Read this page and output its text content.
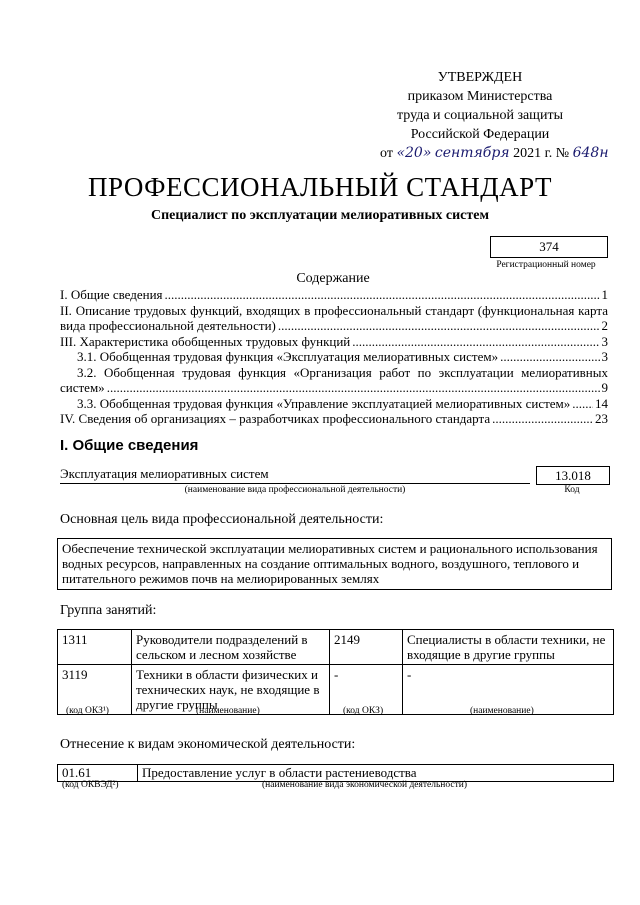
УТВЕРЖДЕН
приказом Министерства
труда и социальной защиты
Российской Федерации
от «20» сентября 2021 г. № 648н
ПРОФЕССИОНАЛЬНЫЙ СТАНДАРТ
Специалист по эксплуатации мелиоративных систем
374
Регистрационный номер
Содержание
I. Общие сведения .....	1
II. Описание трудовых функций, входящих в профессиональный стандарт (функциональная карта
вида профессиональной деятельности) .....	2
III. Характеристика обобщенных трудовых функций .....	3
3.1. Обобщенная трудовая функция «Эксплуатация мелиоративных систем» .....	3
3.2. Обобщенная трудовая функция «Организация работ по эксплуатации мелиоративных
систем» .....	9
3.3. Обобщенная трудовая функция «Управление эксплуатацией мелиоративных систем» ..... 14
IV. Сведения об организациях – разработчиках профессионального стандарта .....	23
I. Общие сведения
Эксплуатация мелиоративных систем
(наименование вида профессиональной деятельности)
13.018
Код
Основная цель вида профессиональной деятельности:
Обеспечение технической эксплуатации мелиоративных систем и рационального использования водных ресурсов, направленных на создание оптимальных водного, воздушного, теплового и питательного режимов почв на мелиорированных землях
Группа занятий:
1311	Руководители подразделений в сельском и лесном хозяйстве	2149	Специалисты в области техники, не входящие в другие группы
3119	Техники в области физических и технических наук, не входящие в другие группы	-	-
(код ОКЗ¹)	(наименование)	(код ОКЗ)	(наименование)
Отнесение к видам экономической деятельности:
01.61	Предоставление услуг в области растениеводства
(код ОКВЭД²)	(наименование вида экономической деятельности)
